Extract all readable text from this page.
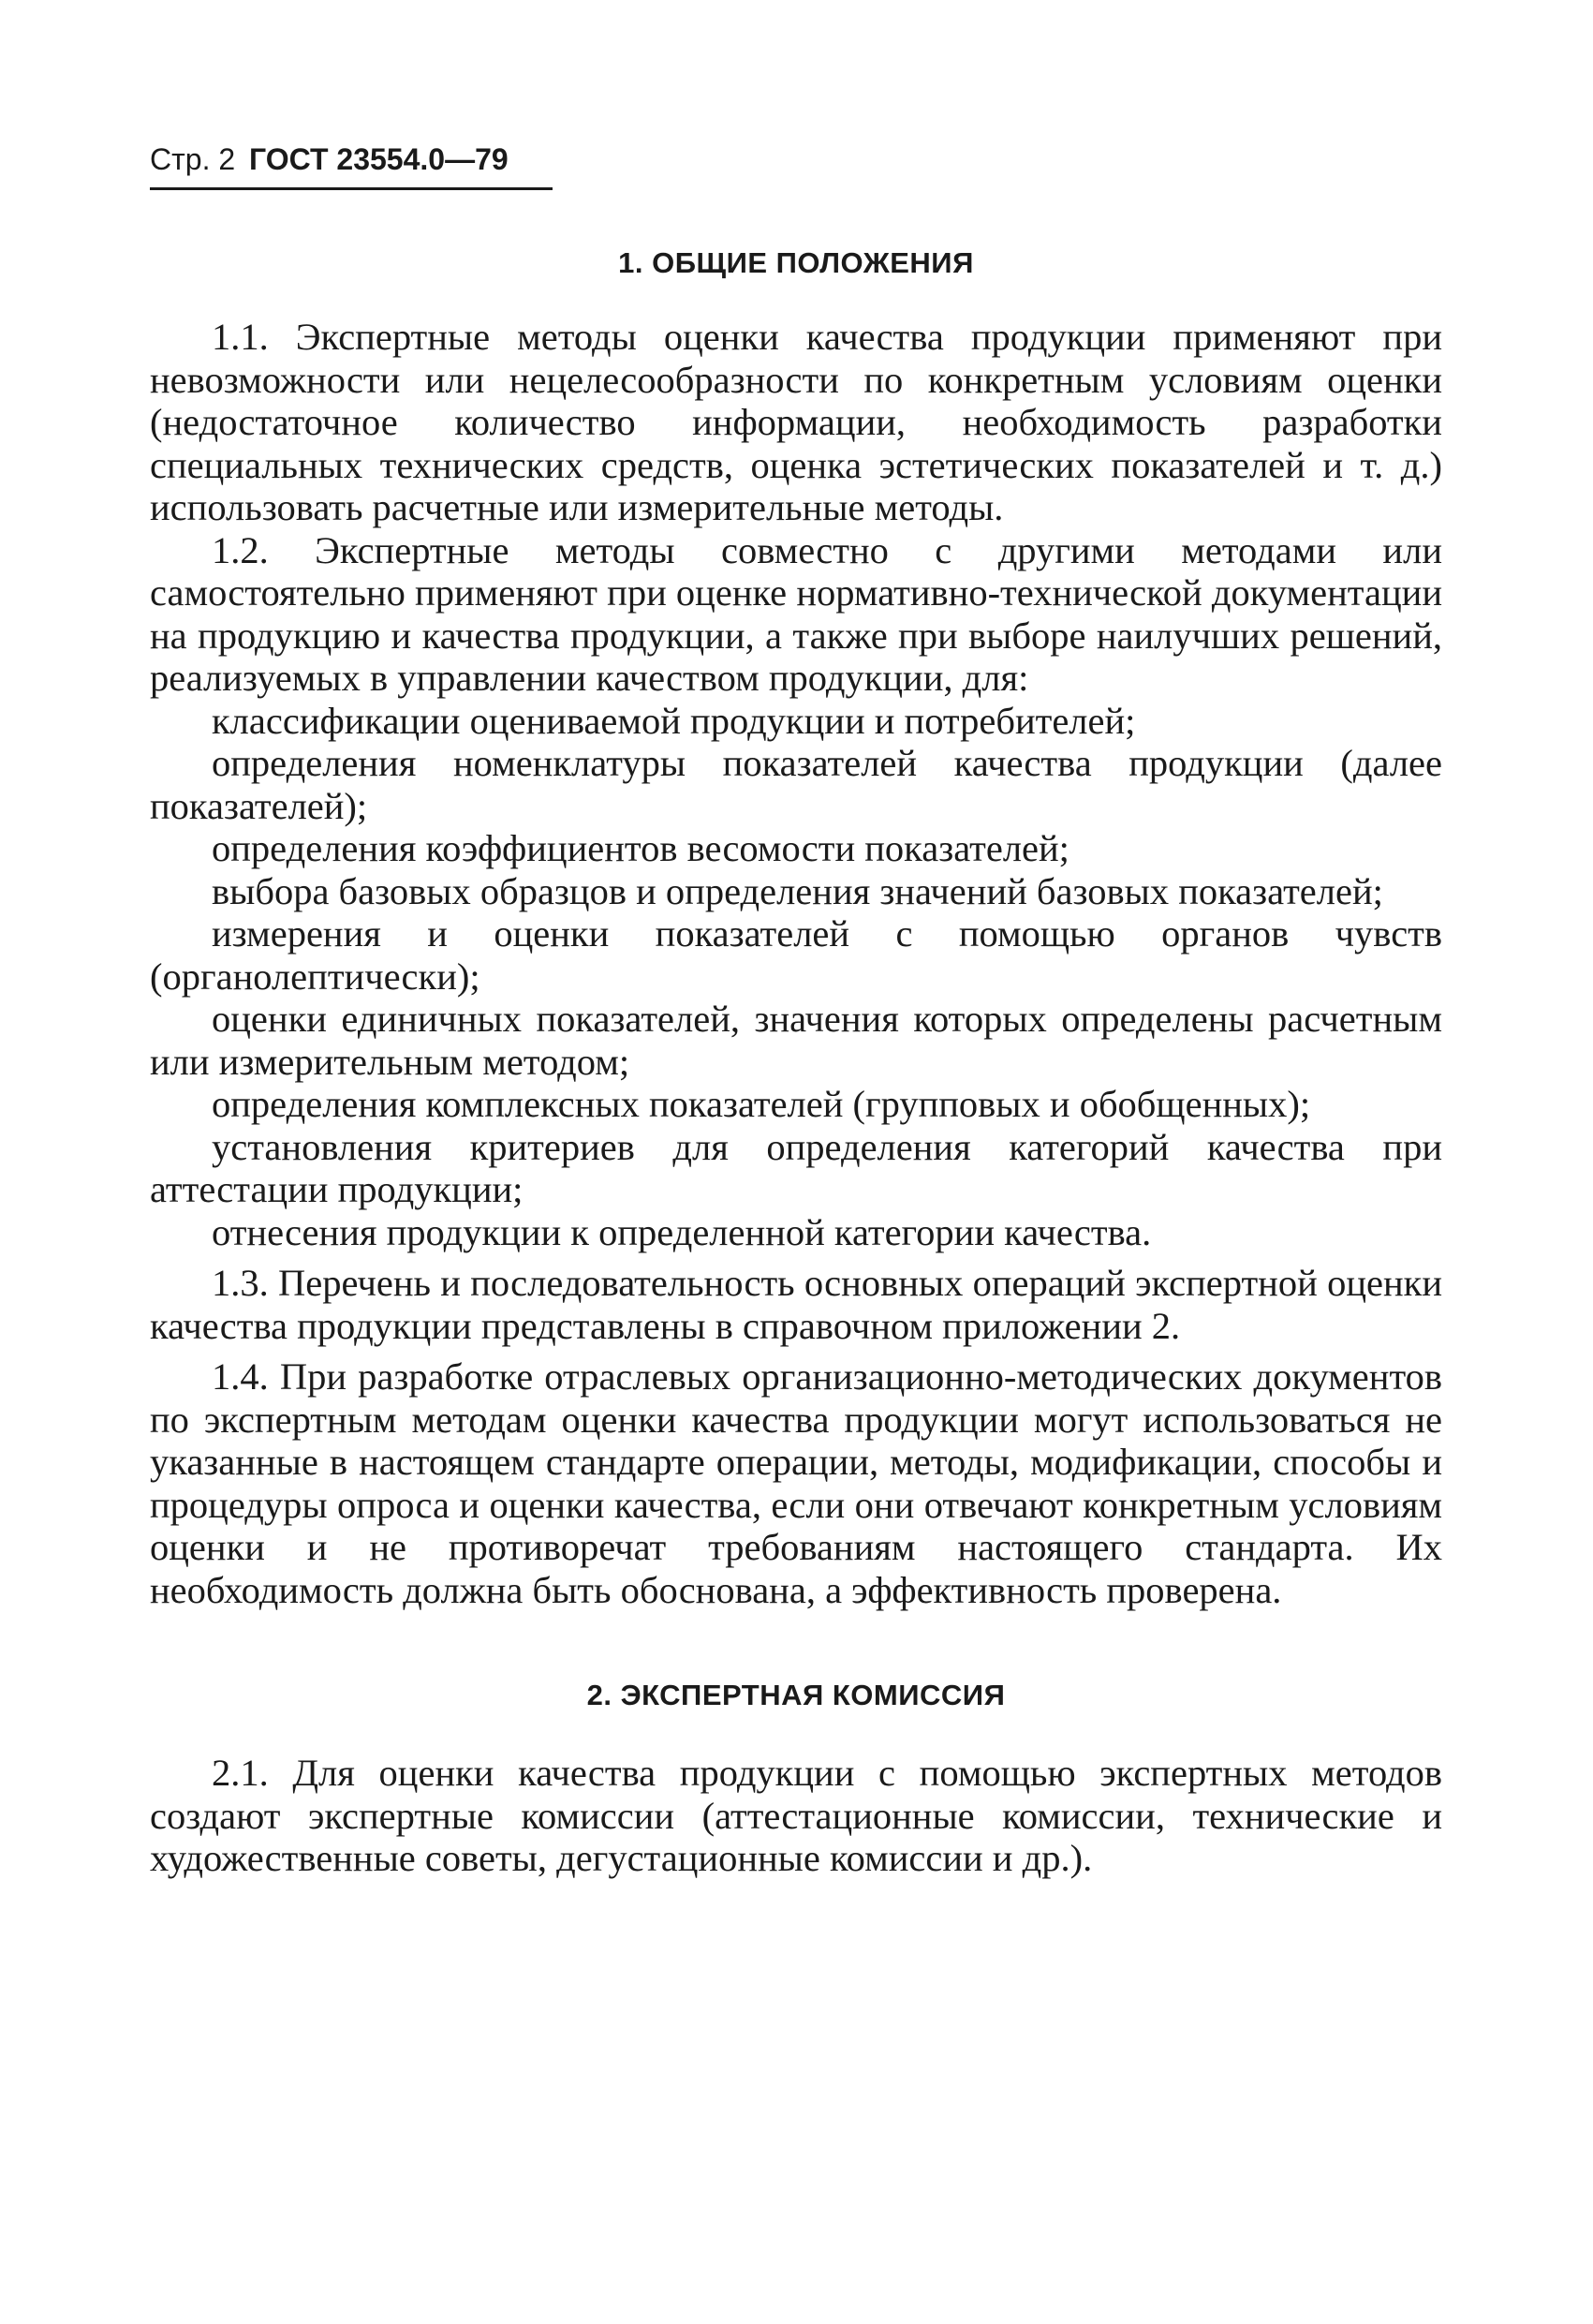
Стр. 2 ГОСТ 23554.0—79
1. ОБЩИЕ ПОЛОЖЕНИЯ

1.1. Экспертные методы оценки качества продукции применяют при невозможности или нецелесообразности по конкретным условиям оценки (недостаточное количество информации, необходимость разработки специальных технических средств, оценка эстетических показателей и т. д.) использовать расчетные или измерительные методы.

1.2. Экспертные методы совместно с другими методами или самостоятельно применяют при оценке нормативно-технической документации на продукцию и качества продукции, а также при выборе наилучших решений, реализуемых в управлении качеством продукции, для:

классификации оцениваемой продукции и потребителей;

определения номенклатуры показателей качества продукции (далее показателей);

определения коэффициентов весомости показателей;

выбора базовых образцов и определения значений базовых показателей;

измерения и оценки показателей с помощью органов чувств (органолептически);

оценки единичных показателей, значения которых определены расчетным или измерительным методом;

определения комплексных показателей (групповых и обобщенных);

установления критериев для определения категорий качества при аттестации продукции;

отнесения продукции к определенной категории качества.

1.3. Перечень и последовательность основных операций экспертной оценки качества продукции представлены в справочном приложении 2.

1.4. При разработке отраслевых организационно-методических документов по экспертным методам оценки качества продукции могут использоваться не указанные в настоящем стандарте операции, методы, модификации, способы и процедуры опроса и оценки качества, если они отвечают конкретным условиям оценки и не противоречат требованиям настоящего стандарта. Их необходимость должна быть обоснована, а эффективность проверена.

2. ЭКСПЕРТНАЯ КОМИССИЯ

2.1. Для оценки качества продукции с помощью экспертных методов создают экспертные комиссии (аттестационные комиссии, технические и художественные советы, дегустационные комиссии и др.).
